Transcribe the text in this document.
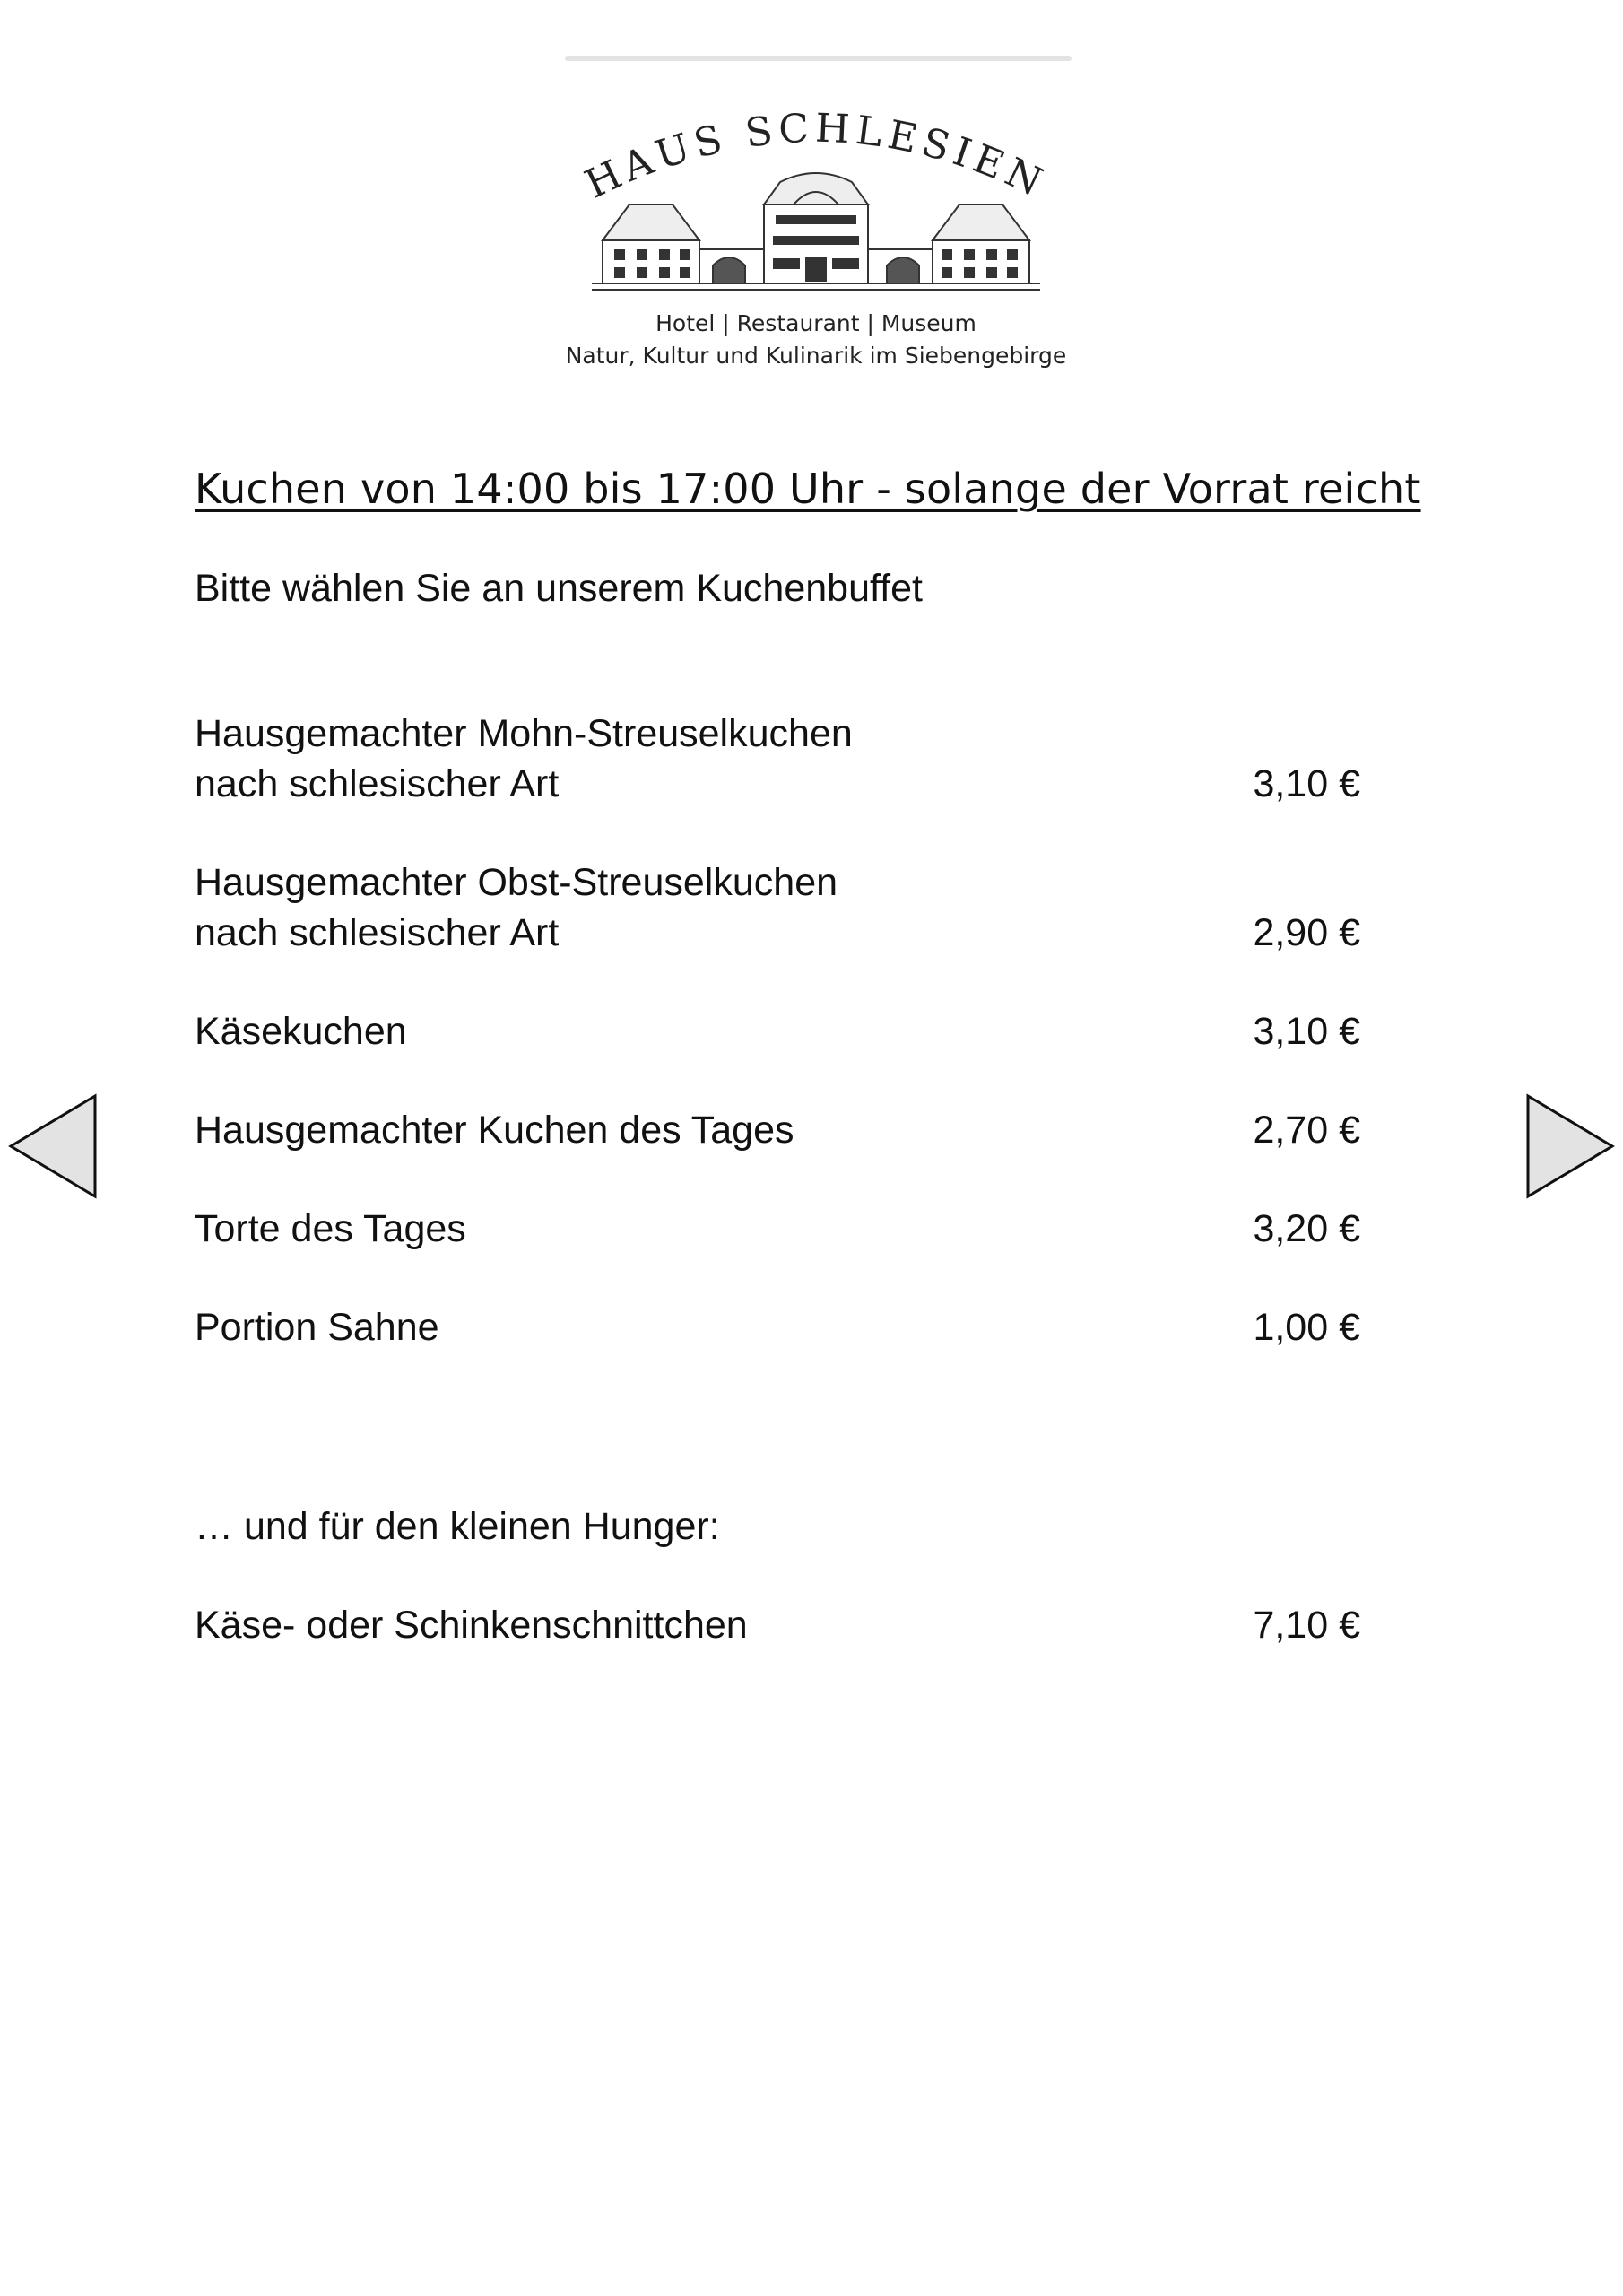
HAUS SCHLESIEN
Hotel | Restaurant | Museum
Natur, Kultur und Kulinarik im Siebengebirge
Kuchen von 14:00 bis 17:00 Uhr - solange der Vorrat reicht
Bitte wählen Sie an unserem Kuchenbuffet
Hausgemachter Mohn-Streuselkuchen
nach schlesischer Art	3,10 €
Hausgemachter Obst-Streuselkuchen
nach schlesischer Art	2,90 €
Käsekuchen	3,10 €
Hausgemachter Kuchen des Tages	2,70 €
Torte des Tages	3,20 €
Portion Sahne	1,00 €
… und für den kleinen Hunger:
Käse- oder Schinkenschnittchen	7,10 €
